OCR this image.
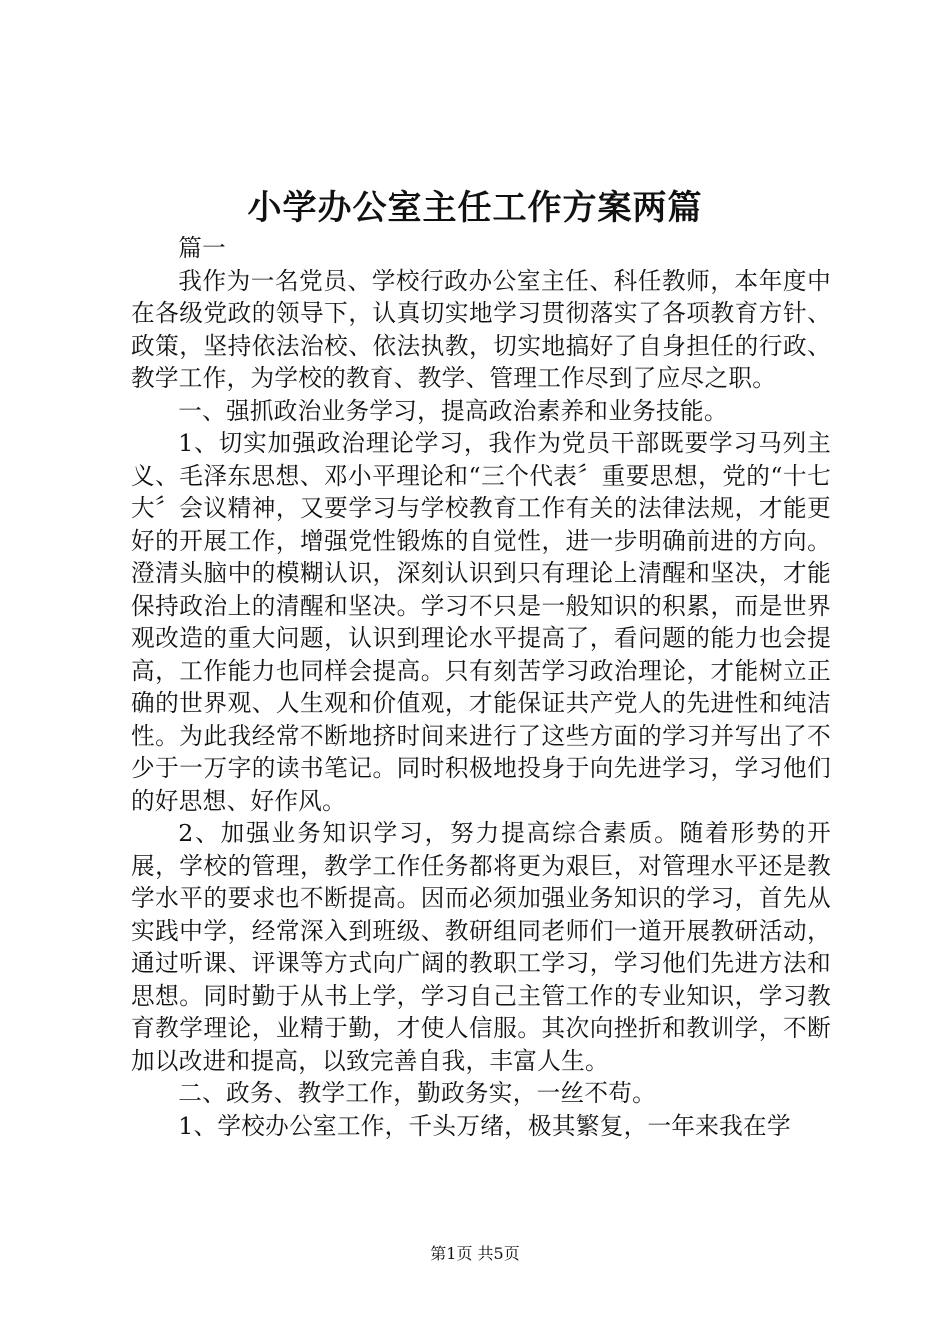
小学办公室主任工作方案两篇

篇一

我作为一名党员、学校行政办公室主任、科任教师，本年度中在各级党政的领导下，认真切实地学习贯彻落实了各项教育方针、政策，坚持依法治校、依法执教，切实地搞好了自身担任的行政、教学工作，为学校的教育、教学、管理工作尽到了应尽之职。

一、强抓政治业务学习，提高政治素养和业务技能。

1、切实加强政治理论学习，我作为党员干部既要学习马列主义、毛泽东思想、邓小平理论和“三个代表〞重要思想，党的“十七大〞会议精神，又要学习与学校教育工作有关的法律法规，才能更好的开展工作，增强党性锻炼的自觉性，进一步明确前进的方向。澄清头脑中的模糊认识，深刻认识到只有理论上清醒和坚决，才能保持政治上的清醒和坚决。学习不只是一般知识的积累，而是世界观改造的重大问题，认识到理论水平提高了，看问题的能力也会提高，工作能力也同样会提高。只有刻苦学习政治理论，才能树立正确的世界观、人生观和价值观，才能保证共产党人的先进性和纯洁性。为此我经常不断地挤时间来进行了这些方面的学习并写出了不少于一万字的读书笔记。同时积极地投身于向先进学习，学习他们的好思想、好作风。

2、加强业务知识学习，努力提高综合素质。随着形势的开展，学校的管理，教学工作任务都将更为艰巨，对管理水平还是教学水平的要求也不断提高。因而必须加强业务知识的学习，首先从实践中学，经常深入到班级、教研组同老师们一道开展教研活动，通过听课、评课等方式向广阔的教职工学习，学习他们先进方法和思想。同时勤于从书上学，学习自己主管工作的专业知识，学习教育教学理论，业精于勤，才使人信服。其次向挫折和教训学，不断加以改进和提高，以致完善自我，丰富人生。

二、政务、教学工作，勤政务实，一丝不苟。

1、学校办公室工作，千头万绪，极其繁复，一年来我在学

第1页 共5页
